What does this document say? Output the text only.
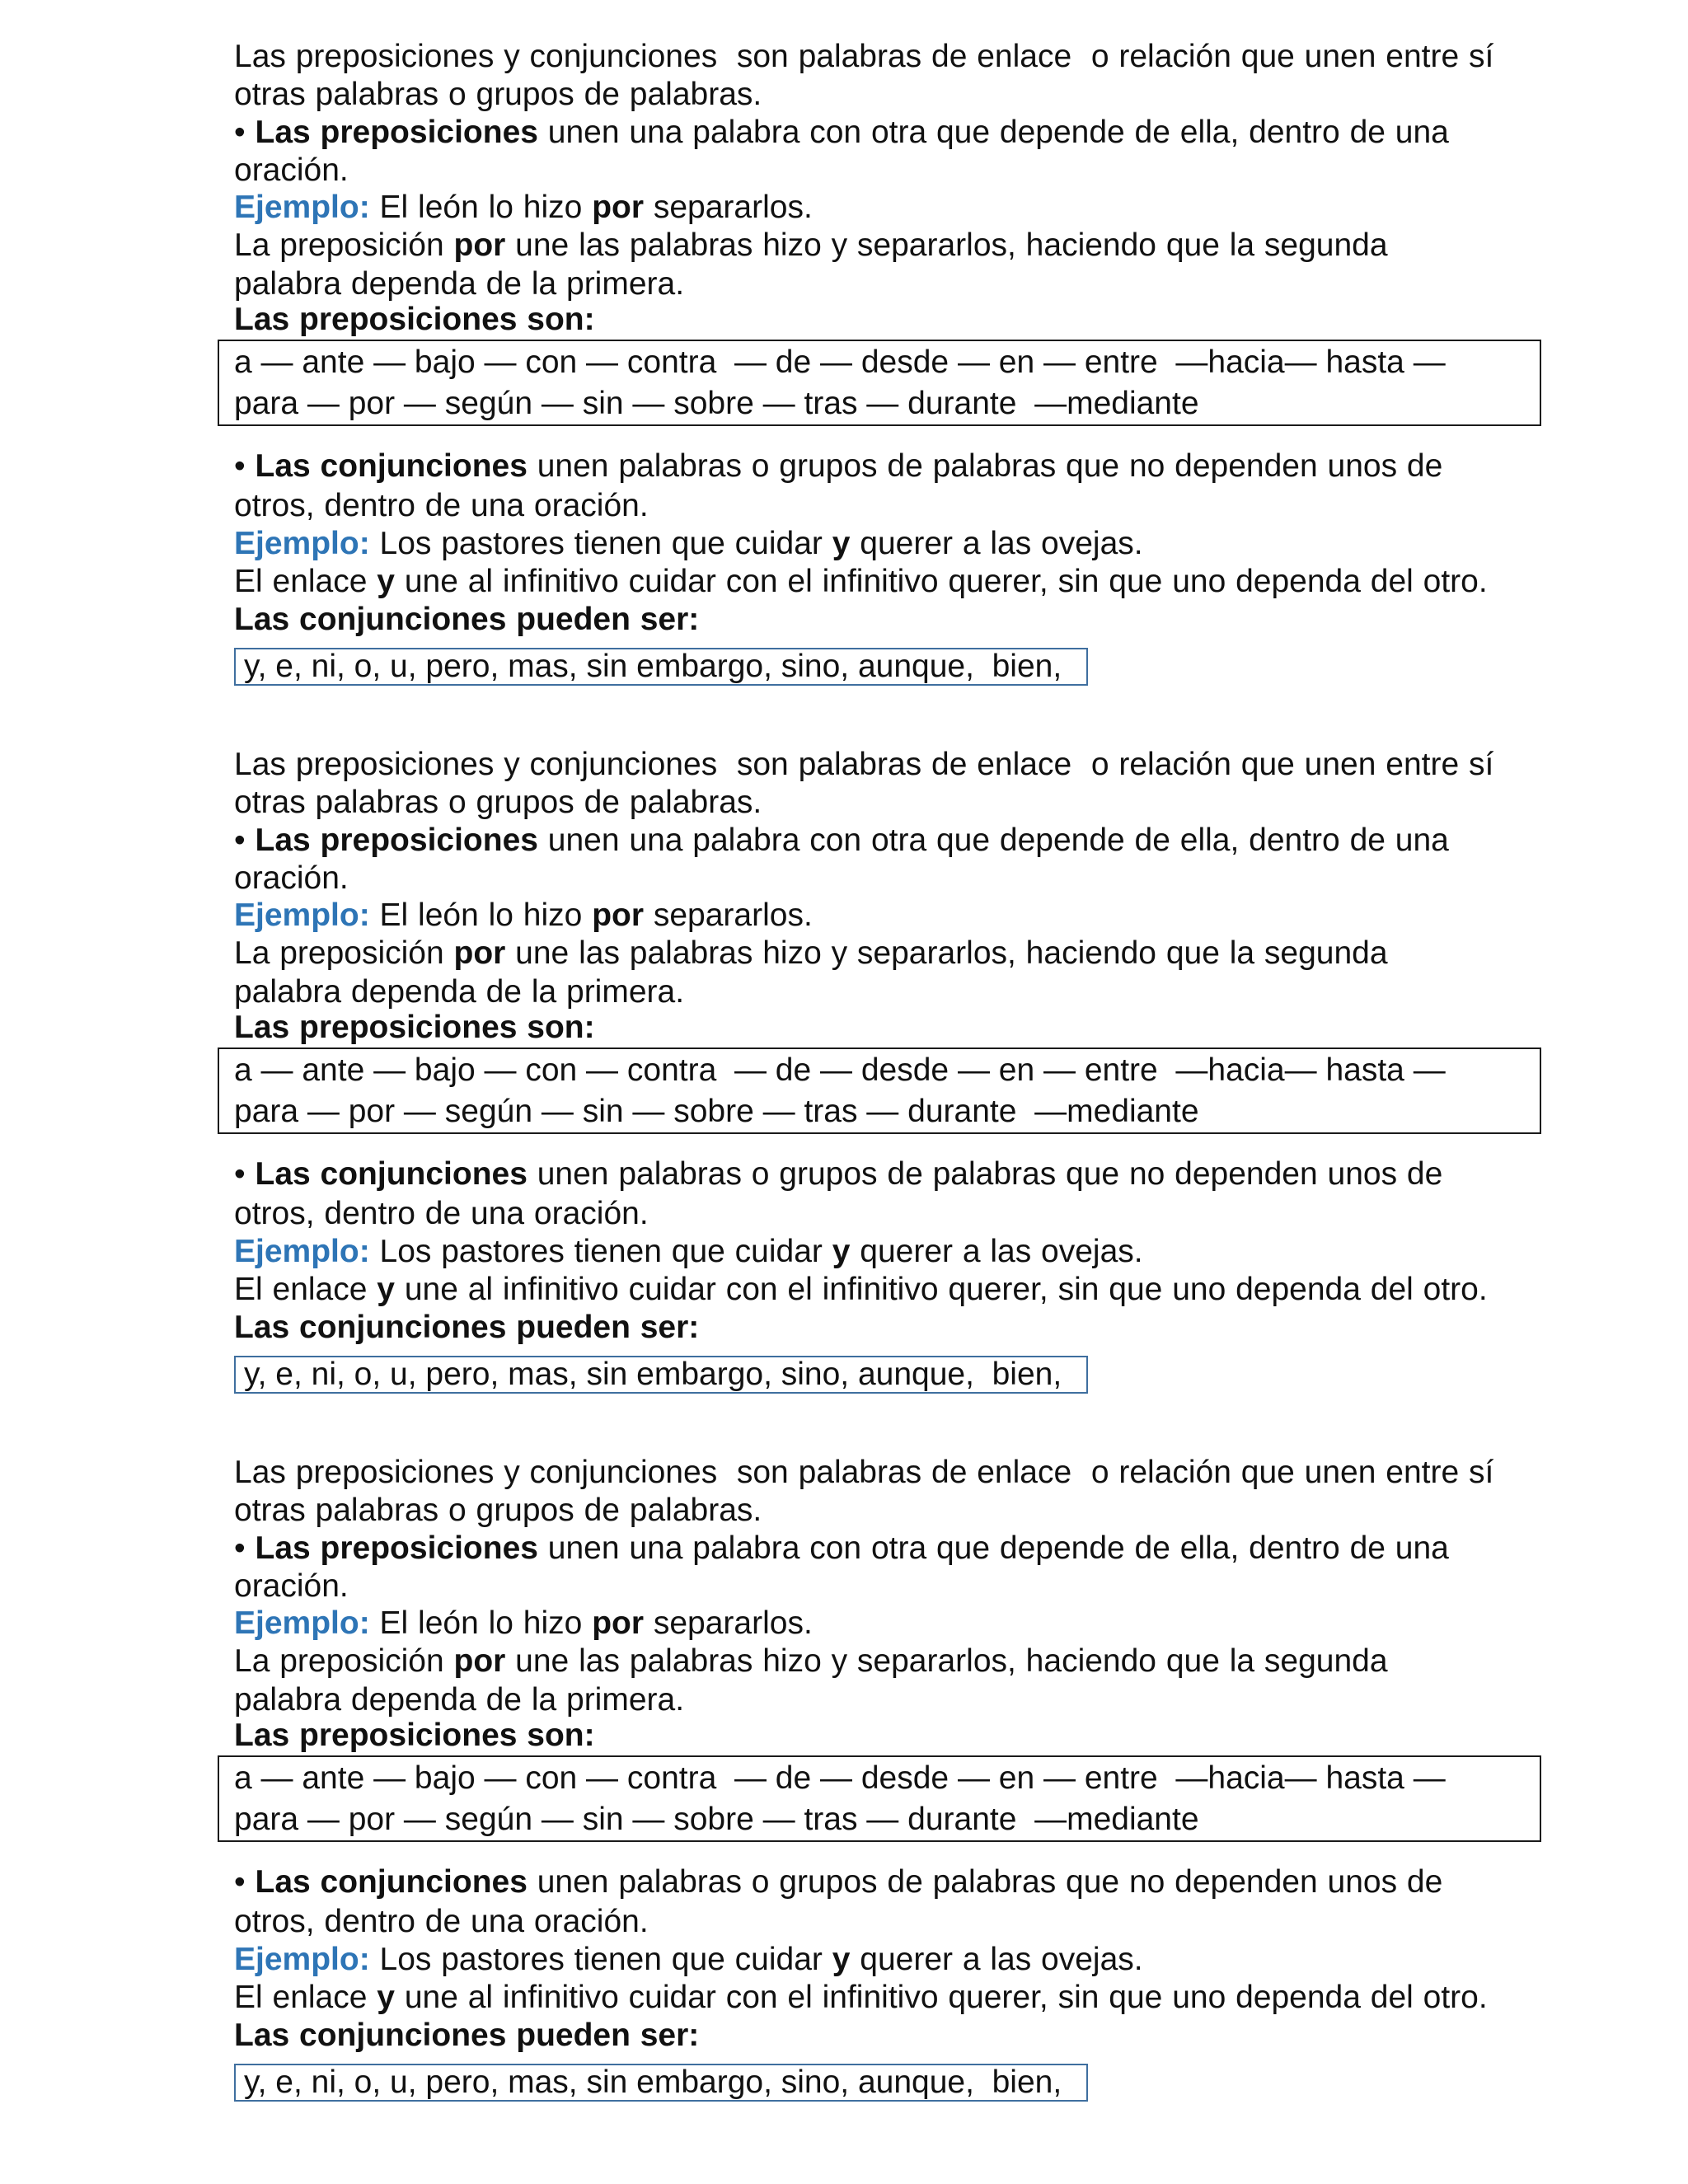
Las preposiciones y conjunciones  son palabras de enlace  o relación que unen entre sí
otras palabras o grupos de palabras.
• Las preposiciones unen una palabra con otra que depende de ella, dentro de una
oración.
Ejemplo: El león lo hizo por separarlos.
La preposición por une las palabras hizo y separarlos, haciendo que la segunda
palabra dependa de la primera.
Las preposiciones son:
a — ante — bajo — con — contra  — de — desde — en — entre  —hacia— hasta —
para — por — según — sin — sobre — tras — durante  —mediante
• Las conjunciones unen palabras o grupos de palabras que no dependen unos de
otros, dentro de una oración.
Ejemplo: Los pastores tienen que cuidar y querer a las ovejas.
El enlace y une al infinitivo cuidar con el infinitivo querer, sin que uno dependa del otro.
Las conjunciones pueden ser:
y, e, ni, o, u, pero, mas, sin embargo, sino, aunque,  bien,
Las preposiciones y conjunciones  son palabras de enlace  o relación que unen entre sí
otras palabras o grupos de palabras.
• Las preposiciones unen una palabra con otra que depende de ella, dentro de una
oración.
Ejemplo: El león lo hizo por separarlos.
La preposición por une las palabras hizo y separarlos, haciendo que la segunda
palabra dependa de la primera.
Las preposiciones son:
a — ante — bajo — con — contra  — de — desde — en — entre  —hacia— hasta —
para — por — según — sin — sobre — tras — durante  —mediante
• Las conjunciones unen palabras o grupos de palabras que no dependen unos de
otros, dentro de una oración.
Ejemplo: Los pastores tienen que cuidar y querer a las ovejas.
El enlace y une al infinitivo cuidar con el infinitivo querer, sin que uno dependa del otro.
Las conjunciones pueden ser:
y, e, ni, o, u, pero, mas, sin embargo, sino, aunque,  bien,
Las preposiciones y conjunciones  son palabras de enlace  o relación que unen entre sí
otras palabras o grupos de palabras.
• Las preposiciones unen una palabra con otra que depende de ella, dentro de una
oración.
Ejemplo: El león lo hizo por separarlos.
La preposición por une las palabras hizo y separarlos, haciendo que la segunda
palabra dependa de la primera.
Las preposiciones son:
a — ante — bajo — con — contra  — de — desde — en — entre  —hacia— hasta —
para — por — según — sin — sobre — tras — durante  —mediante
• Las conjunciones unen palabras o grupos de palabras que no dependen unos de
otros, dentro de una oración.
Ejemplo: Los pastores tienen que cuidar y querer a las ovejas.
El enlace y une al infinitivo cuidar con el infinitivo querer, sin que uno dependa del otro.
Las conjunciones pueden ser:
y, e, ni, o, u, pero, mas, sin embargo, sino, aunque,  bien,
